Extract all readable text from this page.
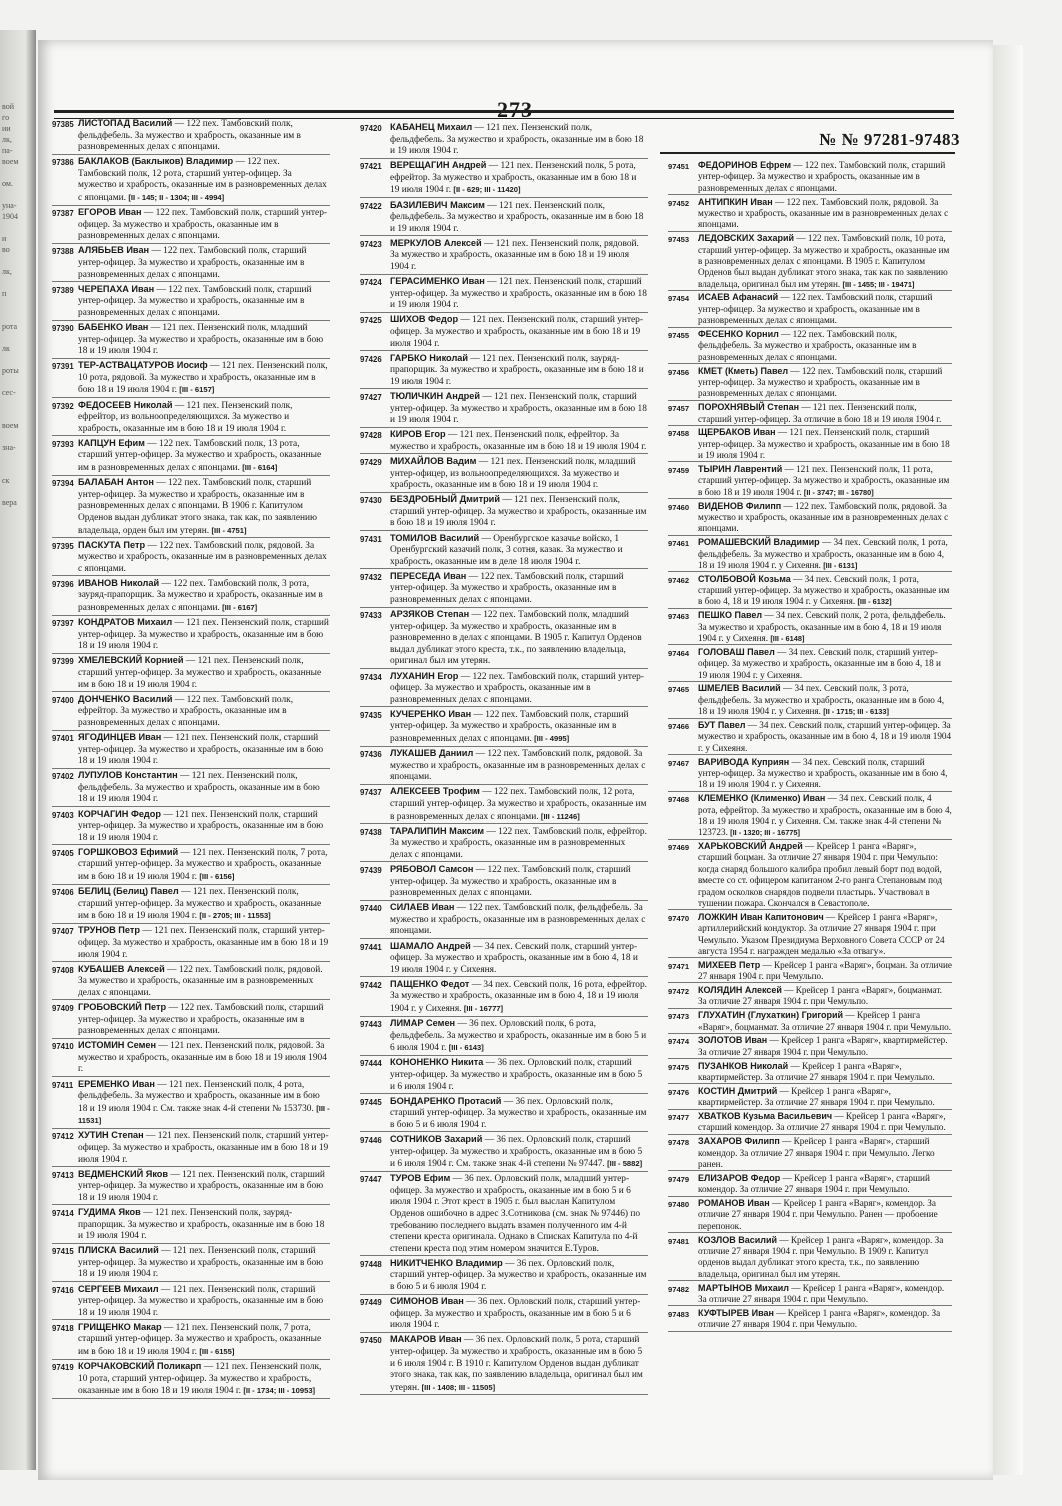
вой
го
ии
лк,
па-
воем

ом.

уна-
1904

и
во

лк,

п

рота

лк

роты

сес-

воем

зна-

ск

вера
-273-
№ № 97281-97483
97385 ЛИСТОПАД Василий — 122 пех. Тамбовский полк, фельдфебель. За мужество и храбрость, оказанные им в разновременных делах с японцами.
97386 БАКЛАКОВ (Баклыков) Владимир — 122 пех. Тамбовский полк, 12 рота, старший унтер-офицер. За мужество и храбрость, оказанные им в разновременных делах с японцами. [II - 145; II - 1304; III - 4994]
97387 ЕГОРОВ Иван — 122 пех. Тамбовский полк, старший унтер-офицер. За мужество и храбрость, оказанные им в разновременных делах с японцами.
97388 АЛЯБЬЕВ Иван — 122 пех. Тамбовский полк, старший унтер-офицер. За мужество и храбрость, оказанные им в разновременных делах с японцами.
97389 ЧЕРЕПАХА Иван — 122 пех. Тамбовский полк, старший унтер-офицер. За мужество и храбрость, оказанные им в разновременных делах с японцами.
97390 БАБЕНКО Иван — 121 пех. Пензенский полк, младший унтер-офицер. За мужество и храбрость, оказанные им в бою 18 и 19 июля 1904 г.
97391 ТЕР-АСТВАЦАТУРОВ Иосиф — 121 пех. Пензенский полк, 10 рота, рядовой. За мужество и храбрость, оказанные им в бою 18 и 19 июля 1904 г. [III - 6157]
97392 ФЕДОСЕЕВ Николай — 121 пех. Пензенский полк, ефрейтор, из вольноопределяющихся. За мужество и храбрость, оказанные им в бою 18 и 19 июля 1904 г.
97393 КАПЦУН Ефим — 122 пех. Тамбовский полк, 13 рота, старший унтер-офицер. За мужество и храбрость, оказанные им в разновременных делах с японцами. [III - 6164]
97394 БАЛАБАН Антон — 122 пех. Тамбовский полк, старший унтер-офицер. За мужество и храбрость, оказанные им в разновременных делах с японцами. В 1906 г. Капитулом Орденов выдан дубликат этого знака, так как, по заявлению владельца, орден был им утерян. [III - 4751]
97395 ПАСКУТА Петр — 122 пех. Тамбовский полк, рядовой. За мужество и храбрость, оказанные им в разновременных делах с японцами.
97396 ИВАНОВ Николай — 122 пех. Тамбовский полк, 3 рота, зауряд-прапорщик. За мужество и храбрость, оказанные им в разновременных делах с японцами. [III - 6167]
97397 КОНДРАТОВ Михаил — 121 пех. Пензенский полк, старший унтер-офицер. За мужество и храбрость, оказанные им в бою 18 и 19 июля 1904 г.
97399 ХМЕЛЕВСКИЙ Корнией — 121 пех. Пензенский полк, старший унтер-офицер. За мужество и храбрость, оказанные им в бою 18 и 19 июля 1904 г.
97400 ДОНЧЕНКО Василий — 122 пех. Тамбовский полк, ефрейтор. За мужество и храбрость, оказанные им в разновременных делах с японцами.
97401 ЯГОДИНЦЕВ Иван — 121 пех. Пензенский полк, старший унтер-офицер. За мужество и храбрость, оказанные им в бою 18 и 19 июля 1904 г.
97402 ЛУПУЛОВ Константин — 121 пех. Пензенский полк, фельдфебель. За мужество и храбрость, оказанные им в бою 18 и 19 июля 1904 г.
97403 КОРЧАГИН Федор — 121 пех. Пензенский полк, старший унтер-офицер. За мужество и храбрость, оказанные им в бою 18 и 19 июля 1904 г.
97405 ГОРШКОВОЗ Ефимий — 121 пех. Пензенский полк, 7 рота, старший унтер-офицер. За мужество и храбрость, оказанные им в бою 18 и 19 июля 1904 г. [III - 6156]
97406 БЕЛИЦ (Белиц) Павел — 121 пех. Пензенский полк, старший унтер-офицер. За мужество и храбрость, оказанные им в бою 18 и 19 июля 1904 г. [II - 2705; III - 11553]
97407 ТРУНОВ Петр — 121 пех. Пензенский полк, старший унтер-офицер. За мужество и храбрость, оказанные им в бою 18 и 19 июля 1904 г.
97408 КУБАШЕВ Алексей — 122 пех. Тамбовский полк, рядовой. За мужество и храбрость, оказанные им в разновременных делах с японцами.
97409 ГРОБОВСКИЙ Петр — 122 пех. Тамбовский полк, старший унтер-офицер. За мужество и храбрость, оказанные им в разновременных делах с японцами.
97410 ИСТОМИН Семен — 121 пех. Пензенский полк, рядовой. За мужество и храбрость, оказанные им в бою 18 и 19 июля 1904 г.
97411 ЕРЕМЕНКО Иван — 121 пех. Пензенский полк, 4 рота, фельдфебель. За мужество и храбрость, оказанные им в бою 18 и 19 июля 1904 г. См. также знак 4-й степени № 153730. [III - 11531]
97412 ХУТИН Степан — 121 пех. Пензенский полк, старший унтер-офицер. За мужество и храбрость, оказанные им в бою 18 и 19 июля 1904 г.
97413 ВЕДМЕНСКИЙ Яков — 121 пех. Пензенский полк, старший унтер-офицер. За мужество и храбрость, оказанные им в бою 18 и 19 июля 1904 г.
97414 ГУДИМА Яков — 121 пех. Пензенский полк, зауряд-прапорщик. За мужество и храбрость, оказанные им в бою 18 и 19 июля 1904 г.
97415 ПЛИСКА Василий — 121 пех. Пензенский полк, старший унтер-офицер. За мужество и храбрость, оказанные им в бою 18 и 19 июля 1904 г.
97416 СЕРГЕЕВ Михаил — 121 пех. Пензенский полк, старший унтер-офицер. За мужество и храбрость, оказанные им в бою 18 и 19 июля 1904 г.
97418 ГРИЩЕНКО Макар — 121 пех. Пензенский полк, 7 рота, старший унтер-офицер. За мужество и храбрость, оказанные им в бою 18 и 19 июля 1904 г. [III - 6155]
97419 КОРЧАКОВСКИЙ Поликарп — 121 пех. Пензенский полк, 10 рота, старший унтер-офицер. За мужество и храбрость, оказанные им в бою 18 и 19 июля 1904 г. [II - 1734; III - 10953]
97420 КАБАНЕЦ Михаил — 121 пех. Пензенский полк, фельдфебель. За мужество и храбрость, оказанные им в бою 18 и 19 июля 1904 г.
97421 ВЕРЕЩАГИН Андрей — 121 пех. Пензенский полк, 5 рота, ефрейтор. За мужество и храбрость, оказанные им в бою 18 и 19 июля 1904 г. [II - 629; III - 11420]
97422 БАЗИЛЕВИЧ Максим — 121 пех. Пензенский полк, фельдфебель. За мужество и храбрость, оказанные им в бою 18 и 19 июля 1904 г.
97423 МЕРКУЛОВ Алексей — 121 пех. Пензенский полк, рядовой. За мужество и храбрость, оказанные им в бою 18 и 19 июля 1904 г.
97424 ГЕРАСИМЕНКО Иван — 121 пех. Пензенский полк, старший унтер-офицер. За мужество и храбрость, оказанные им в бою 18 и 19 июля 1904 г.
97425 ШИХОВ Федор — 121 пех. Пензенский полк, старший унтер-офицер. За мужество и храбрость, оказанные им в бою 18 и 19 июля 1904 г.
97426 ГАРБКО Николай — 121 пех. Пензенский полк, зауряд-прапорщик. За мужество и храбрость, оказанные им в бою 18 и 19 июля 1904 г.
97427 ТЮЛИЧКИН Андрей — 121 пех. Пензенский полк, старший унтер-офицер. За мужество и храбрость, оказанные им в бою 18 и 19 июля 1904 г.
97428 КИРОВ Егор — 121 пех. Пензенский полк, ефрейтор. За мужество и храбрость, оказанные им в бою 18 и 19 июля 1904 г.
97429 МИХАЙЛОВ Вадим — 121 пех. Пензенский полк, младший унтер-офицер, из вольноопределяющихся. За мужество и храбрость, оказанные им в бою 18 и 19 июля 1904 г.
97430 БЕЗДРОБНЫЙ Дмитрий — 121 пех. Пензенский полк, старший унтер-офицер. За мужество и храбрость, оказанные им в бою 18 и 19 июля 1904 г.
97431 ТОМИЛОВ Василий — Оренбургское казачье войско, 1 Оренбургский казачий полк, 3 сотня, казак. За мужество и храбрость, оказанные им в деле 18 июля 1904 г.
97432 ПЕРЕСЕДА Иван — 122 пех. Тамбовский полк, старший унтер-офицер. За мужество и храбрость, оказанные им в разновременных делах с японцами.
97433 АРЗЯКОВ Степан — 122 пех. Тамбовский полк, младший унтер-офицер. За мужество и храбрость, оказанные им в разновременно в делах с японцами. В 1905 г. Капитул Орденов выдал дубликат этого креста, т.к., по заявлению владельца, оригинал был им утерян.
97434 ЛУХАНИН Егор — 122 пех. Тамбовский полк, старший унтер-офицер. За мужество и храбрость, оказанные им в разновременных делах с японцами.
97435 КУЧЕРЕНКО Иван — 122 пех. Тамбовский полк, старший унтер-офицер. За мужество и храбрость, оказанные им в разновременных делах с японцами. [III - 4995]
97436 ЛУКАШЕВ Даниил — 122 пех. Тамбовский полк, рядовой. За мужество и храбрость, оказанные им в разновременных делах с японцами.
97437 АЛЕКСЕЕВ Трофим — 122 пех. Тамбовский полк, 12 рота, старший унтер-офицер. За мужество и храбрость, оказанные им в разновременных делах с японцами. [III - 11246]
97438 ТАРАЛИПИН Максим — 122 пех. Тамбовский полк, ефрейтор. За мужество и храбрость, оказанные им в разновременных делах с японцами.
97439 РЯБОВОЛ Самсон — 122 пех. Тамбовский полк, старший унтер-офицер. За мужество и храбрость, оказанные им в разновременных делах с японцами.
97440 СИЛАЕВ Иван — 122 пех. Тамбовский полк, фельдфебель. За мужество и храбрость, оказанные им в разновременных делах с японцами.
97441 ШАМАЛО Андрей — 34 пех. Севский полк, старший унтер-офицер. За мужество и храбрость, оказанные им в бою 4, 18 и 19 июля 1904 г. у Сихеяня.
97442 ПАЩЕНКО Федот — 34 пех. Севский полк, 16 рота, ефрейтор. За мужество и храбрость, оказанные им в бою 4, 18 и 19 июля 1904 г. у Сихеяня. [III - 16777]
97443 ЛИМАР Семен — 36 пех. Орловский полк, 6 рота, фельдфебель. За мужество и храбрость, оказанные им в бою 5 и 6 июля 1904 г. [III - 6143]
97444 КОНОНЕНКО Никита — 36 пех. Орловский полк, старший унтер-офицер. За мужество и храбрость, оказанные им в бою 5 и 6 июля 1904 г.
97445 БОНДАРЕНКО Протасий — 36 пех. Орловский полк, старший унтер-офицер. За мужество и храбрость, оказанные им в бою 5 и 6 июля 1904 г.
97446 СОТНИКОВ Захарий — 36 пех. Орловский полк, старший унтер-офицер. За мужество и храбрость, оказанные им в бою 5 и 6 июля 1904 г. См. также знак 4-й степени № 97447. [III - 5882]
97447 ТУРОВ Ефим — 36 пех. Орловский полк, младший унтер-офицер. За мужество и храбрость, оказанные им в бою 5 и 6 июля 1904 г. Этот крест в 1905 г. был выслан Капитулом Орденов ошибочно в адрес З.Сотникова (см. знак № 97446) по требованию последнего выдать взамен полученного им 4-й степени креста оригинала. Однако в Списках Капитула по 4-й степени креста под этим номером значится Е.Туров.
97448 НИКИТЧЕНКО Владимир — 36 пех. Орловский полк, старший унтер-офицер. За мужество и храбрость, оказанные им в бою 5 и 6 июля 1904 г.
97449 СИМОНОВ Иван — 36 пех. Орловский полк, старший унтер-офицер. За мужество и храбрость, оказанные им в бою 5 и 6 июля 1904 г.
97450 МАКАРОВ Иван — 36 пех. Орловский полк, 5 рота, старший унтер-офицер. За мужество и храбрость, оказанные им в бою 5 и 6 июля 1904 г. В 1910 г. Капитулом Орденов выдан дубликат этого знака, так как, по заявлению владельца, оригинал был им утерян. [III - 1408; III - 11505]
97451 ФЕДОРИНОВ Ефрем — 122 пех. Тамбовский полк, старший унтер-офицер. За мужество и храбрость, оказанные им в разновременных делах с японцами.
97452 АНТИПКИН Иван — 122 пех. Тамбовский полк, рядовой. За мужество и храбрость, оказанные им в разновременных делах с японцами.
97453 ЛЕДОВСКИХ Захарий — 122 пех. Тамбовский полк, 10 рота, старший унтер-офицер. За мужество и храбрость, оказанные им в разновременных делах с японцами. В 1905 г. Капитулом Орденов был выдан дубликат этого знака, так как по заявлению владельца, оригинал был им утерян. [III - 1455; III - 19471]
97454 ИСАЕВ Афанасий — 122 пех. Тамбовский полк, старший унтер-офицер. За мужество и храбрость, оказанные им в разновременных делах с японцами.
97455 ФЕСЕНКО Корнил — 122 пех. Тамбовский полк, фельдфебель. За мужество и храбрость, оказанные им в разновременных делах с японцами.
97456 КМЕТ (Кметь) Павел — 122 пех. Тамбовский полк, старший унтер-офицер. За мужество и храбрость, оказанные им в разновременных делах с японцами.
97457 ПОРОХНЯВЫЙ Степан — 121 пех. Пензенский полк, старший унтер-офицер. За отличие в бою 18 и 19 июля 1904 г.
97458 ЩЕРБАКОВ Иван — 121 пех. Пензенский полк, старший унтер-офицер. За мужество и храбрость, оказанные им в бою 18 и 19 июля 1904 г.
97459 ТЫРИН Лаврентий — 121 пех. Пензенский полк, 11 рота, старший унтер-офицер. За мужество и храбрость, оказанные им в бою 18 и 19 июля 1904 г. [II - 3747; III - 16780]
97460 ВИДЕНОВ Филипп — 122 пех. Тамбовский полк, рядовой. За мужество и храбрость, оказанные им в разновременных делах с японцами.
97461 РОМАШЕВСКИЙ Владимир — 34 пех. Севский полк, 1 рота, фельдфебель. За мужество и храбрость, оказанные им в бою 4, 18 и 19 июля 1904 г. у Сихеяня. [III - 6131]
97462 СТОЛБОВОЙ Козьма — 34 пех. Севский полк, 1 рота, старший унтер-офицер. За мужество и храбрость, оказанные им в бою 4, 18 и 19 июля 1904 г. у Сихеяня. [III - 6132]
97463 ПЕШКО Павел — 34 пех. Севский полк, 2 рота, фельдфебель. За мужество и храбрость, оказанные им в бою 4, 18 и 19 июля 1904 г. у Сихеяня. [III - 6148]
97464 ГОЛОВАШ Павел — 34 пех. Севский полк, старший унтер-офицер. За мужество и храбрость, оказанные им в бою 4, 18 и 19 июля 1904 г. у Сихеяня.
97465 ШМЕЛЕВ Василий — 34 пех. Севский полк, 3 рота, фельдфебель. За мужество и храбрость, оказанные им в бою 4, 18 и 19 июля 1904 г. у Сихеяня. [II - 1715; III - 6133]
97466 БУТ Павел — 34 пех. Севский полк, старший унтер-офицер. За мужество и храбрость, оказанные им в бою 4, 18 и 19 июля 1904 г. у Сихеяня.
97467 ВАРИВОДА Куприян — 34 пех. Севский полк, старший унтер-офицер. За мужество и храбрость, оказанные им в бою 4, 18 и 19 июля 1904 г. у Сихеяня.
97468 КЛЕМЕНКО (Клименко) Иван — 34 пех. Севский полк, 4 рота, ефрейтор. За мужество и храбрость, оказанные им в бою 4, 18 и 19 июля 1904 г. у Сихеяня. См. также знак 4-й степени № 123723. [II - 1320; III - 16775]
97469 ХАРЬКОВСКИЙ Андрей — Крейсер 1 ранга «Варяг», старший боцман. За отличие 27 января 1904 г. при Чемульпо: когда снаряд большого калибра пробил левый борт под водой, вместе со ст. офицером капитаном 2-го ранга Степановым под градом осколков снарядов подвели пластырь. Участвовал в тушении пожара. Скончался в Севастополе.
97470 ЛОЖКИН Иван Капитонович — Крейсер 1 ранга «Варяг», артиллерийский кондуктор. За отличие 27 января 1904 г. при Чемульпо. Указом Президиума Верховного Совета СССР от 24 августа 1954 г. награжден медалью «За отвагу».
97471 МИХЕЕВ Петр — Крейсер 1 ранга «Варяг», боцман. За отличие 27 января 1904 г. при Чемульпо.
97472 КОЛЯДИН Алексей — Крейсер 1 ранга «Варяг», боцманмат. За отличие 27 января 1904 г. при Чемульпо.
97473 ГЛУХАТИН (Глухаткин) Григорий — Крейсер 1 ранга «Варяг», боцманмат. За отличие 27 января 1904 г. при Чемульпо.
97474 ЗОЛОТОВ Иван — Крейсер 1 ранга «Варяг», квартирмейстер. За отличие 27 января 1904 г. при Чемульпо.
97475 ПУЗАНКОВ Николай — Крейсер 1 ранга «Варяг», квартирмейстер. За отличие 27 января 1904 г. при Чемульпо.
97476 КОСТИН Дмитрий — Крейсер 1 ранга «Варяг», квартирмейстер. За отличие 27 января 1904 г. при Чемульпо.
97477 ХВАТКОВ Кузьма Васильевич — Крейсер 1 ранга «Варяг», старший комендор. За отличие 27 января 1904 г. при Чемульпо.
97478 ЗАХАРОВ Филипп — Крейсер 1 ранга «Варяг», старший комендор. За отличие 27 января 1904 г. при Чемульпо. Легко ранен.
97479 ЕЛИЗАРОВ Федор — Крейсер 1 ранга «Варяг», старший комендор. За отличие 27 января 1904 г. при Чемульпо.
97480 РОМАНОВ Иван — Крейсер 1 ранга «Варяг», комендор. За отличие 27 января 1904 г. при Чемульпо. Ранен — пробоение перепонок.
97481 КОЗЛОВ Василий — Крейсер 1 ранга «Варяг», комендор. За отличие 27 января 1904 г. при Чемульпо. В 1909 г. Капитул орденов выдал дубликат этого креста, т.к., по заявлению владельца, оригинал был им утерян.
97482 МАРТЫНОВ Михаил — Крейсер 1 ранга «Варяг», комендор. За отличие 27 января 1904 г. при Чемульпо.
97483 КУФТЫРЕВ Иван — Крейсер 1 ранга «Варяг», комендор. За отличие 27 января 1904 г. при Чемульпо.
